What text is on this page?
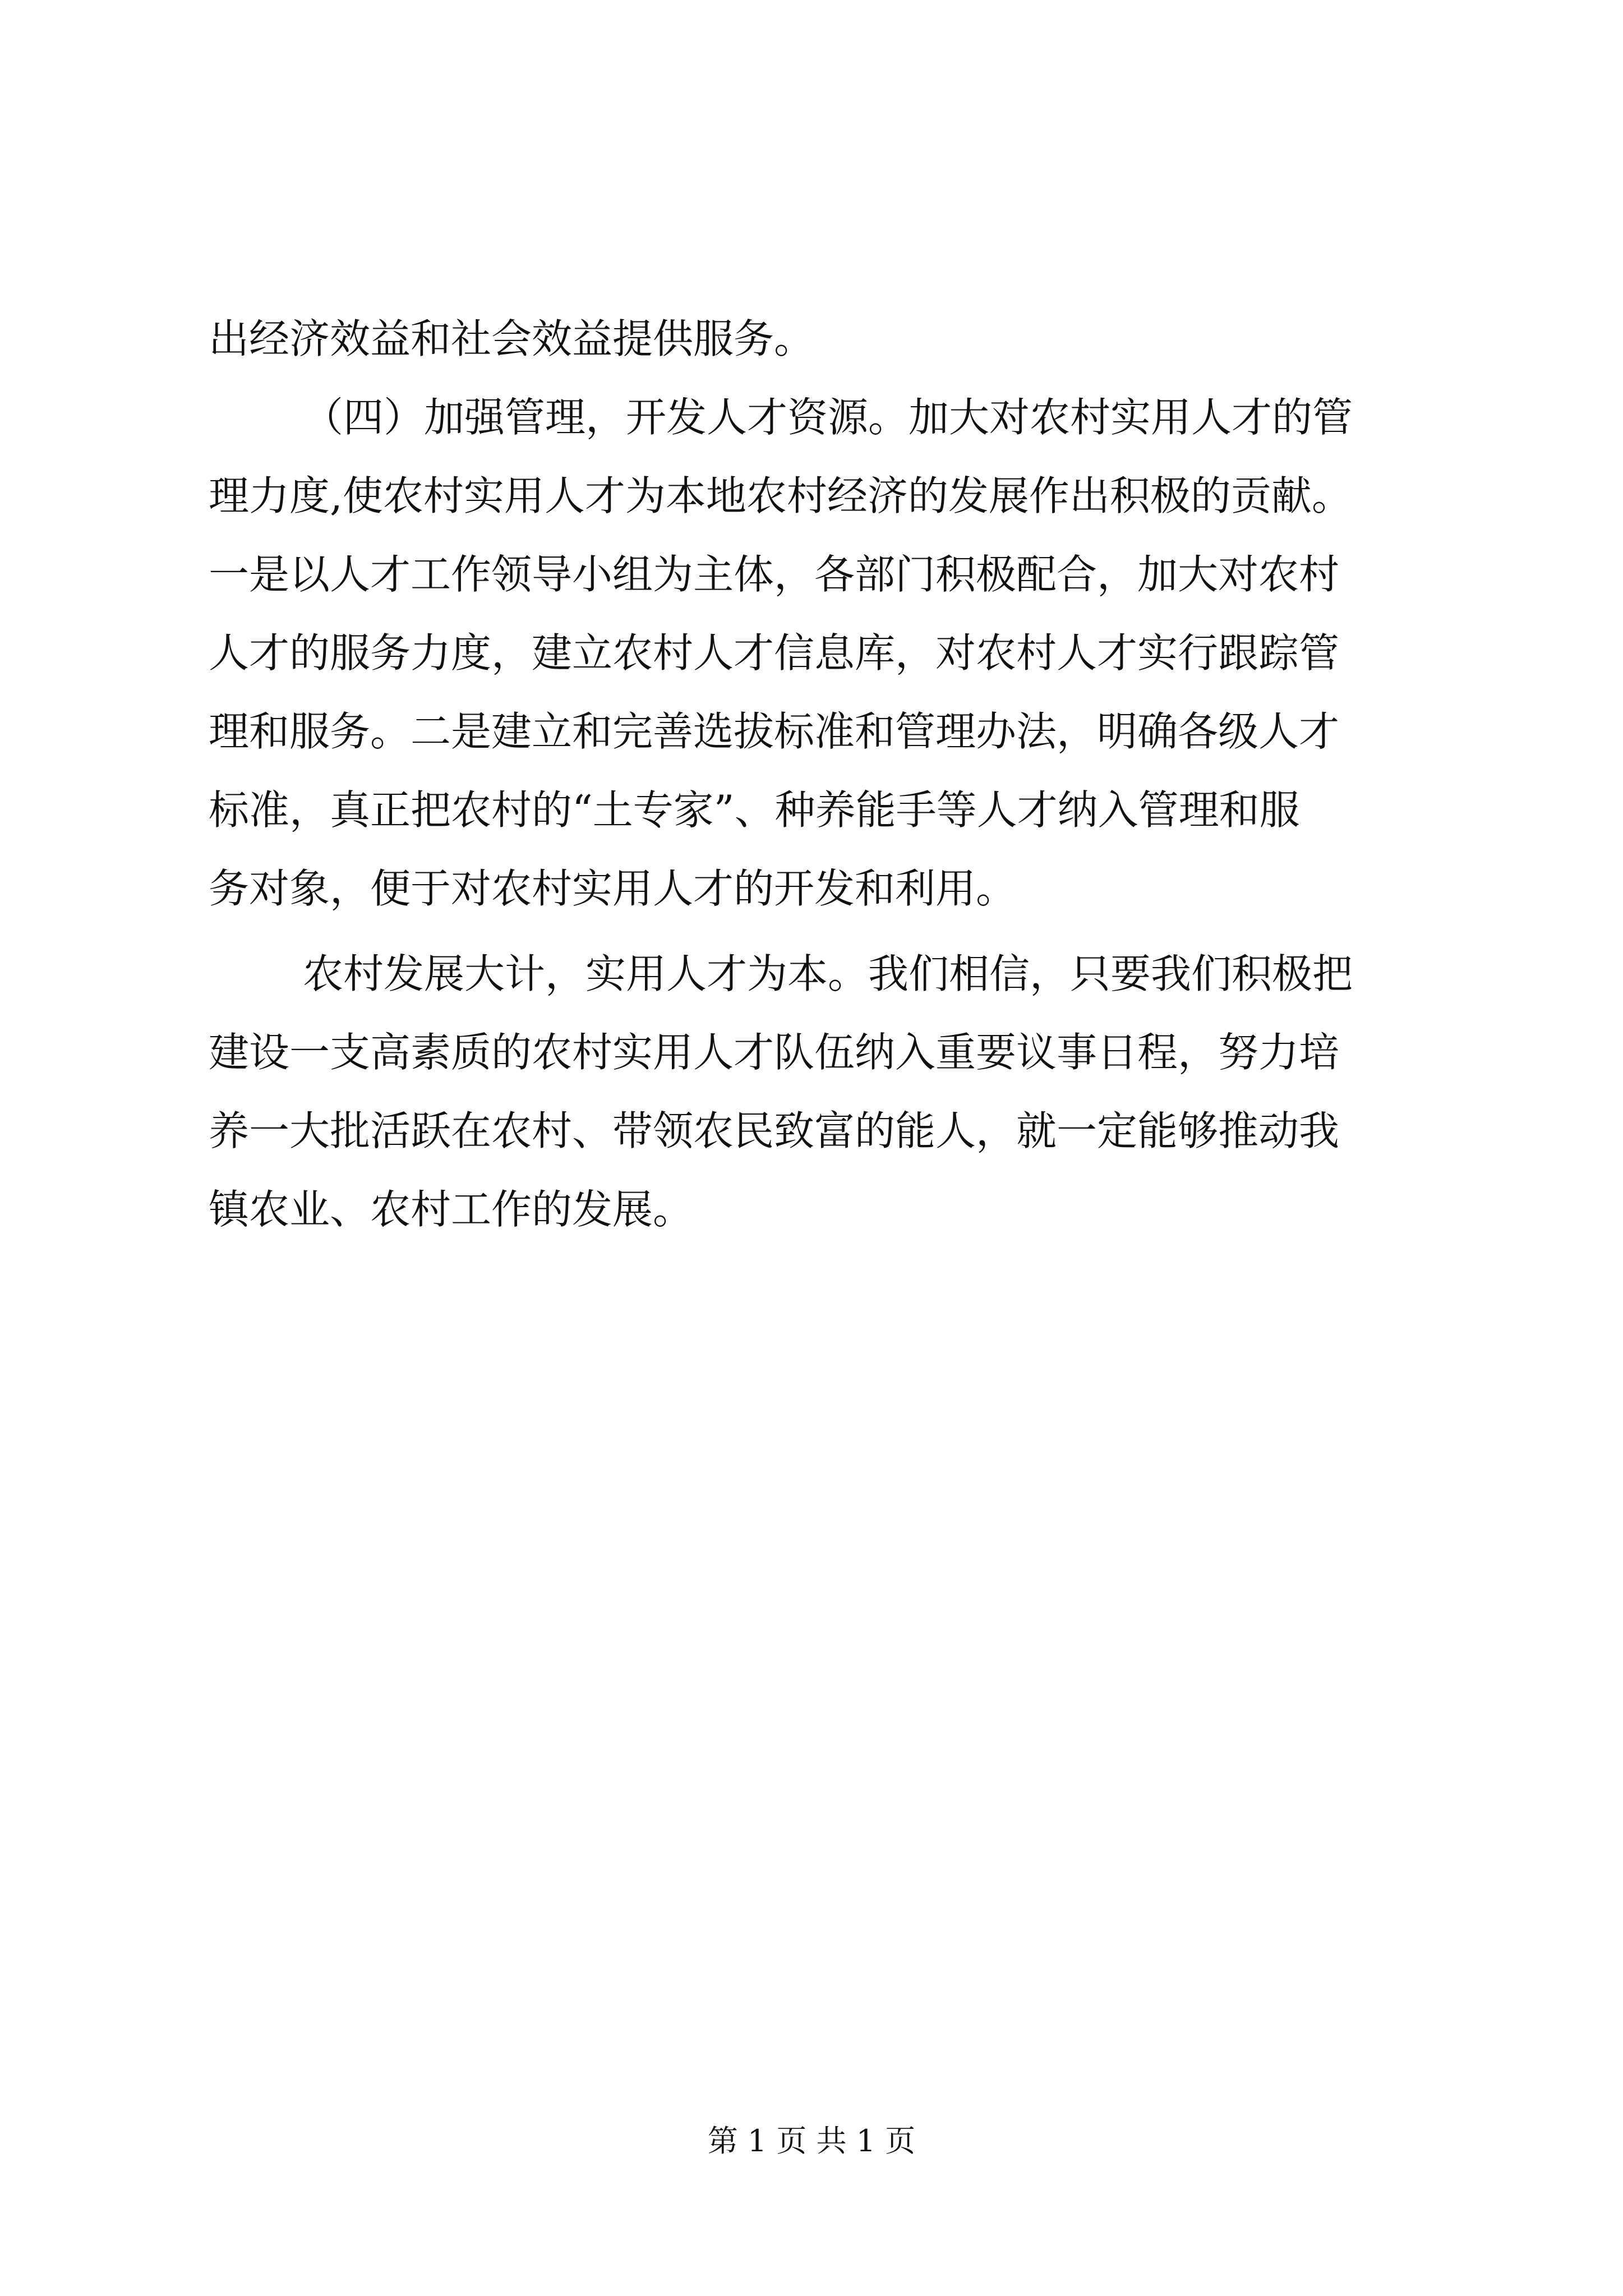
出经济效益和社会效益提供服务。
（四）加强管理，开发人才资源。加大对农村实用人才的管
理力度,使农村实用人才为本地农村经济的发展作出积极的贡献。
一是以人才工作领导小组为主体，各部门积极配合，加大对农村
人才的服务力度，建立农村人才信息库，对农村人才实行跟踪管
理和服务。二是建立和完善选拔标准和管理办法，明确各级人才
标准，真正把农村的“土专家”、种养能手等人才纳入管理和服
务对象，便于对农村实用人才的开发和利用。
农村发展大计，实用人才为本。我们相信，只要我们积极把
建设一支高素质的农村实用人才队伍纳入重要议事日程，努力培
养一大批活跃在农村、带领农民致富的能人，就一定能够推动我
镇农业、农村工作的发展。
第 1 页 共 1 页
